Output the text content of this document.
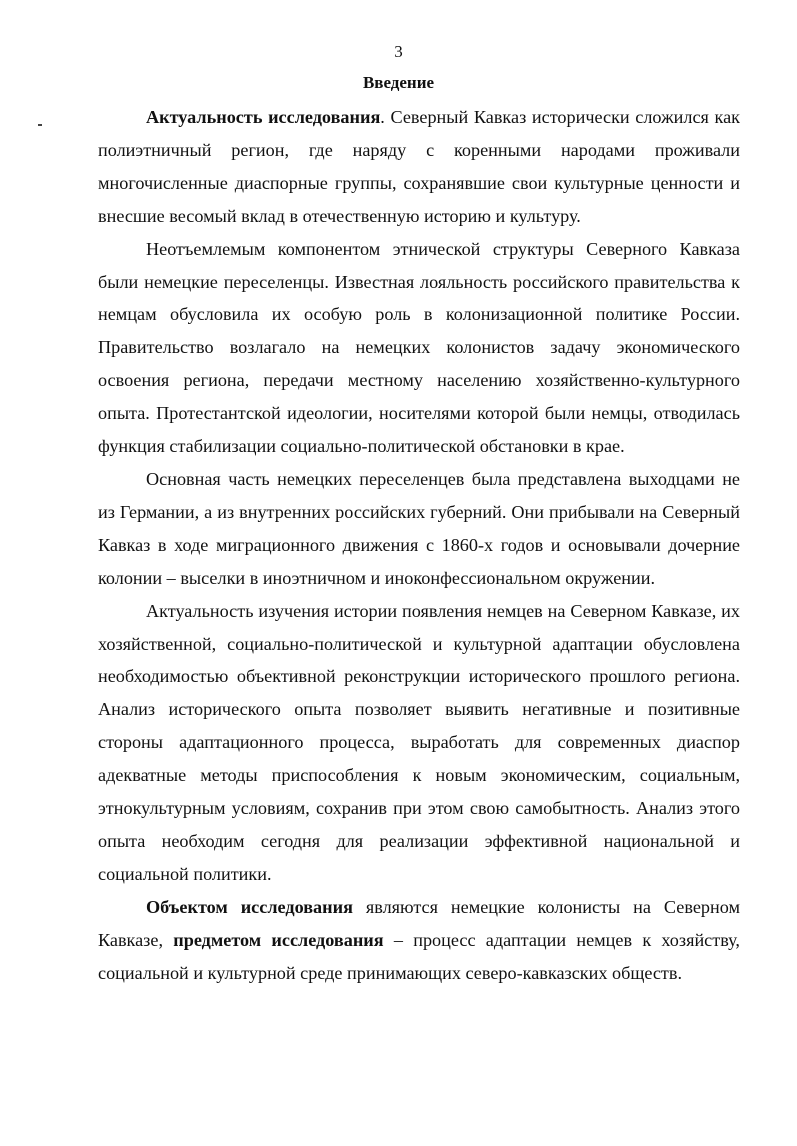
3
Введение

Актуальность исследования. Северный Кавказ исторически сложился как полиэтничный регион, где наряду с коренными народами проживали многочисленные диаспорные группы, сохранявшие свои культурные ценности и внесшие весомый вклад в отечественную историю и культуру.

Неотъемлемым компонентом этнической структуры Северного Кавказа были немецкие переселенцы. Известная лояльность российского правительства к немцам обусловила их особую роль в колонизационной политике России. Правительство возлагало на немецких колонистов задачу экономического освоения региона, передачи местному населению хозяйственно-культурного опыта. Протестантской идеологии, носителями которой были немцы, отводилась функция стабилизации социально-политической обстановки в крае.

Основная часть немецких переселенцев была представлена выходцами не из Германии, а из внутренних российских губерний. Они прибывали на Северный Кавказ в ходе миграционного движения с 1860-х годов и основывали дочерние колонии – выселки в иноэтничном и иноконфессиональном окружении.

Актуальность изучения истории появления немцев на Северном Кавказе, их хозяйственной, социально-политической и культурной адаптации обусловлена необходимостью объективной реконструкции исторического прошлого региона. Анализ исторического опыта позволяет выявить негативные и позитивные стороны адаптационного процесса, выработать для современных диаспор адекватные методы приспособления к новым экономическим, социальным, этнокультурным условиям, сохранив при этом свою самобытность. Анализ этого опыта необходим сегодня для реализации эффективной национальной и социальной политики.

Объектом исследования являются немецкие колонисты на Северном Кавказе, предметом исследования – процесс адаптации немцев к хозяйству, социальной и культурной среде принимающих северо-кавказских обществ.
